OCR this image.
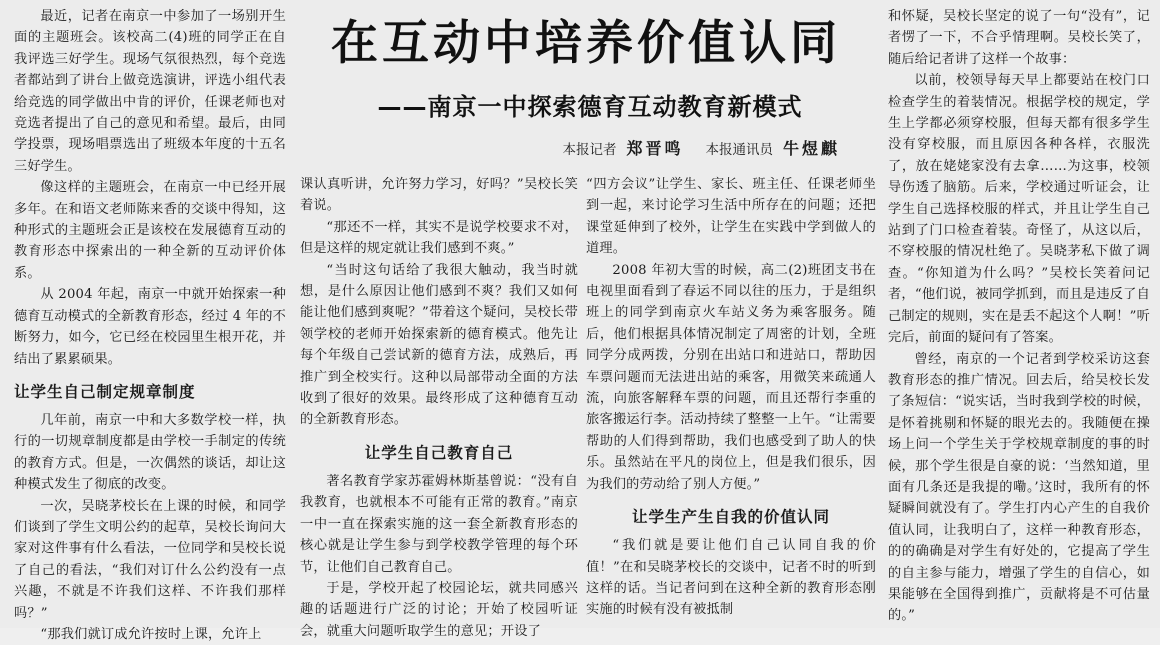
在互动中培养价值认同
——南京一中探索德育互动教育新模式
本报记者 郑晋鸣 本报通讯员 牛煜麒

最近，记者在南京一中参加了一场别开生面的主题班会。该校高二(4)班的同学正在自我评选三好学生。现场气氛很热烈，每个竞选者都站到了讲台上做竞选演讲，评选小组代表给竞选的同学做出中肯的评价，任课老师也对竞选者提出了自己的意见和希望。最后，由同学投票，现场唱票选出了班级本年度的十五名三好学生。

像这样的主题班会，在南京一中已经开展多年。在和语文老师陈来香的交谈中得知，这种形式的主题班会正是该校在发展德育互动的教育形态中探索出的一种全新的互动评价体系。

从 2004 年起，南京一中就开始探索一种德育互动模式的全新教育形态，经过 4 年的不断努力，如今，它已经在校园里生根开花，并结出了累累硕果。

让学生自己制定规章制度

几年前，南京一中和大多数学校一样，执行的一切规章制度都是由学校一手制定的传统的教育方式。但是，一次偶然的谈话，却让这种模式发生了彻底的改变。

一次，吴晓茅校长在上课的时候，和同学们谈到了学生文明公约的起草，吴校长询问大家对这件事有什么看法，一位同学和吴校长说了自己的看法，“我们对订什么公约没有一点兴趣，不就是不许我们这样、不许我们那样吗？”

“那我们就订成允许按时上课，允许上

课认真听讲，允许努力学习，好吗？”吴校长笑着说。

“那还不一样，其实不是说学校要求不对，但是这样的规定就让我们感到不爽。”

“当时这句话给了我很大触动，我当时就想，是什么原因让他们感到不爽？我们又如何能让他们感到爽呢？”带着这个疑问，吴校长带领学校的老师开始探索新的德育模式。他先让每个年级自己尝试新的德育方法，成熟后，再推广到全校实行。这种以局部带动全面的方法收到了很好的效果。最终形成了这种德育互动的全新教育形态。

让学生自己教育自己

著名教育学家苏霍姆林斯基曾说：“没有自我教育，也就根本不可能有正常的教育。”南京一中一直在探索实施的这一套全新教育形态的核心就是让学生参与到学校教学管理的每个环节，让他们自己教育自己。

于是，学校开起了校园论坛，就共同感兴趣的话题进行广泛的讨论；开始了校园听证会，就重大问题听取学生的意见；开设了

“四方会议”让学生、家长、班主任、任课老师坐到一起，来讨论学习生活中所存在的问题；还把课堂延伸到了校外，让学生在实践中学到做人的道理。

2008 年初大雪的时候，高二(2)班团支书在电视里面看到了春运不同以往的压力，于是组织班上的同学到南京火车站义务为乘客服务。随后，他们根据具体情况制定了周密的计划，全班同学分成两拨，分别在出站口和进站口，帮助因车票问题而无法进出站的乘客，用微笑来疏通人流，向旅客解释车票的问题，而且还帮行李重的旅客搬运行李。活动持续了整整一上午。“让需要帮助的人们得到帮助，我们也感受到了助人的快乐。虽然站在平凡的岗位上，但是我们很乐，因为我们的劳动给了别人方便。”

让学生产生自我的价值认同

“我们就是要让他们自己认同自我的价值！”在和吴晓茅校长的交谈中，记者不时的听到这样的话。当记者问到在这种全新的教育形态刚实施的时候有没有被抵制

和怀疑，吴校长坚定的说了一句“没有”，记者愣了一下，不合乎情理啊。吴校长笑了，随后给记者讲了这样一个故事：

以前，校领导每天早上都要站在校门口检查学生的着装情况。根据学校的规定，学生上学都必须穿校服，但每天都有很多学生没有穿校服，而且原因各种各样，衣服洗了，放在姥姥家没有去拿……为这事，校领导伤透了脑筋。后来，学校通过听证会，让学生自己选择校服的样式，并且让学生自己站到了门口检查着装。奇怪了，从这以后，不穿校服的情况杜绝了。吴晓茅私下做了调查。“你知道为什么吗？”吴校长笑着问记者，“他们说，被同学抓到，而且是违反了自己制定的规则，实在是丢不起这个人啊！”听完后，前面的疑问有了答案。

曾经，南京的一个记者到学校采访这套教育形态的推广情况。回去后，给吴校长发了条短信：“说实话，当时我到学校的时候，是怀着挑剔和怀疑的眼光去的。我随便在操场上问一个学生关于学校规章制度的事的时候，那个学生很是自豪的说：‘当然知道，里面有几条还是我提的嘞。’这时，我所有的怀疑瞬间就没有了。学生打内心产生的自我价值认同，让我明白了，这样一种教育形态，的的确确是对学生有好处的，它提高了学生的自主参与能力，增强了学生的自信心，如果能够在全国得到推广，贡献将是不可估量的。”
